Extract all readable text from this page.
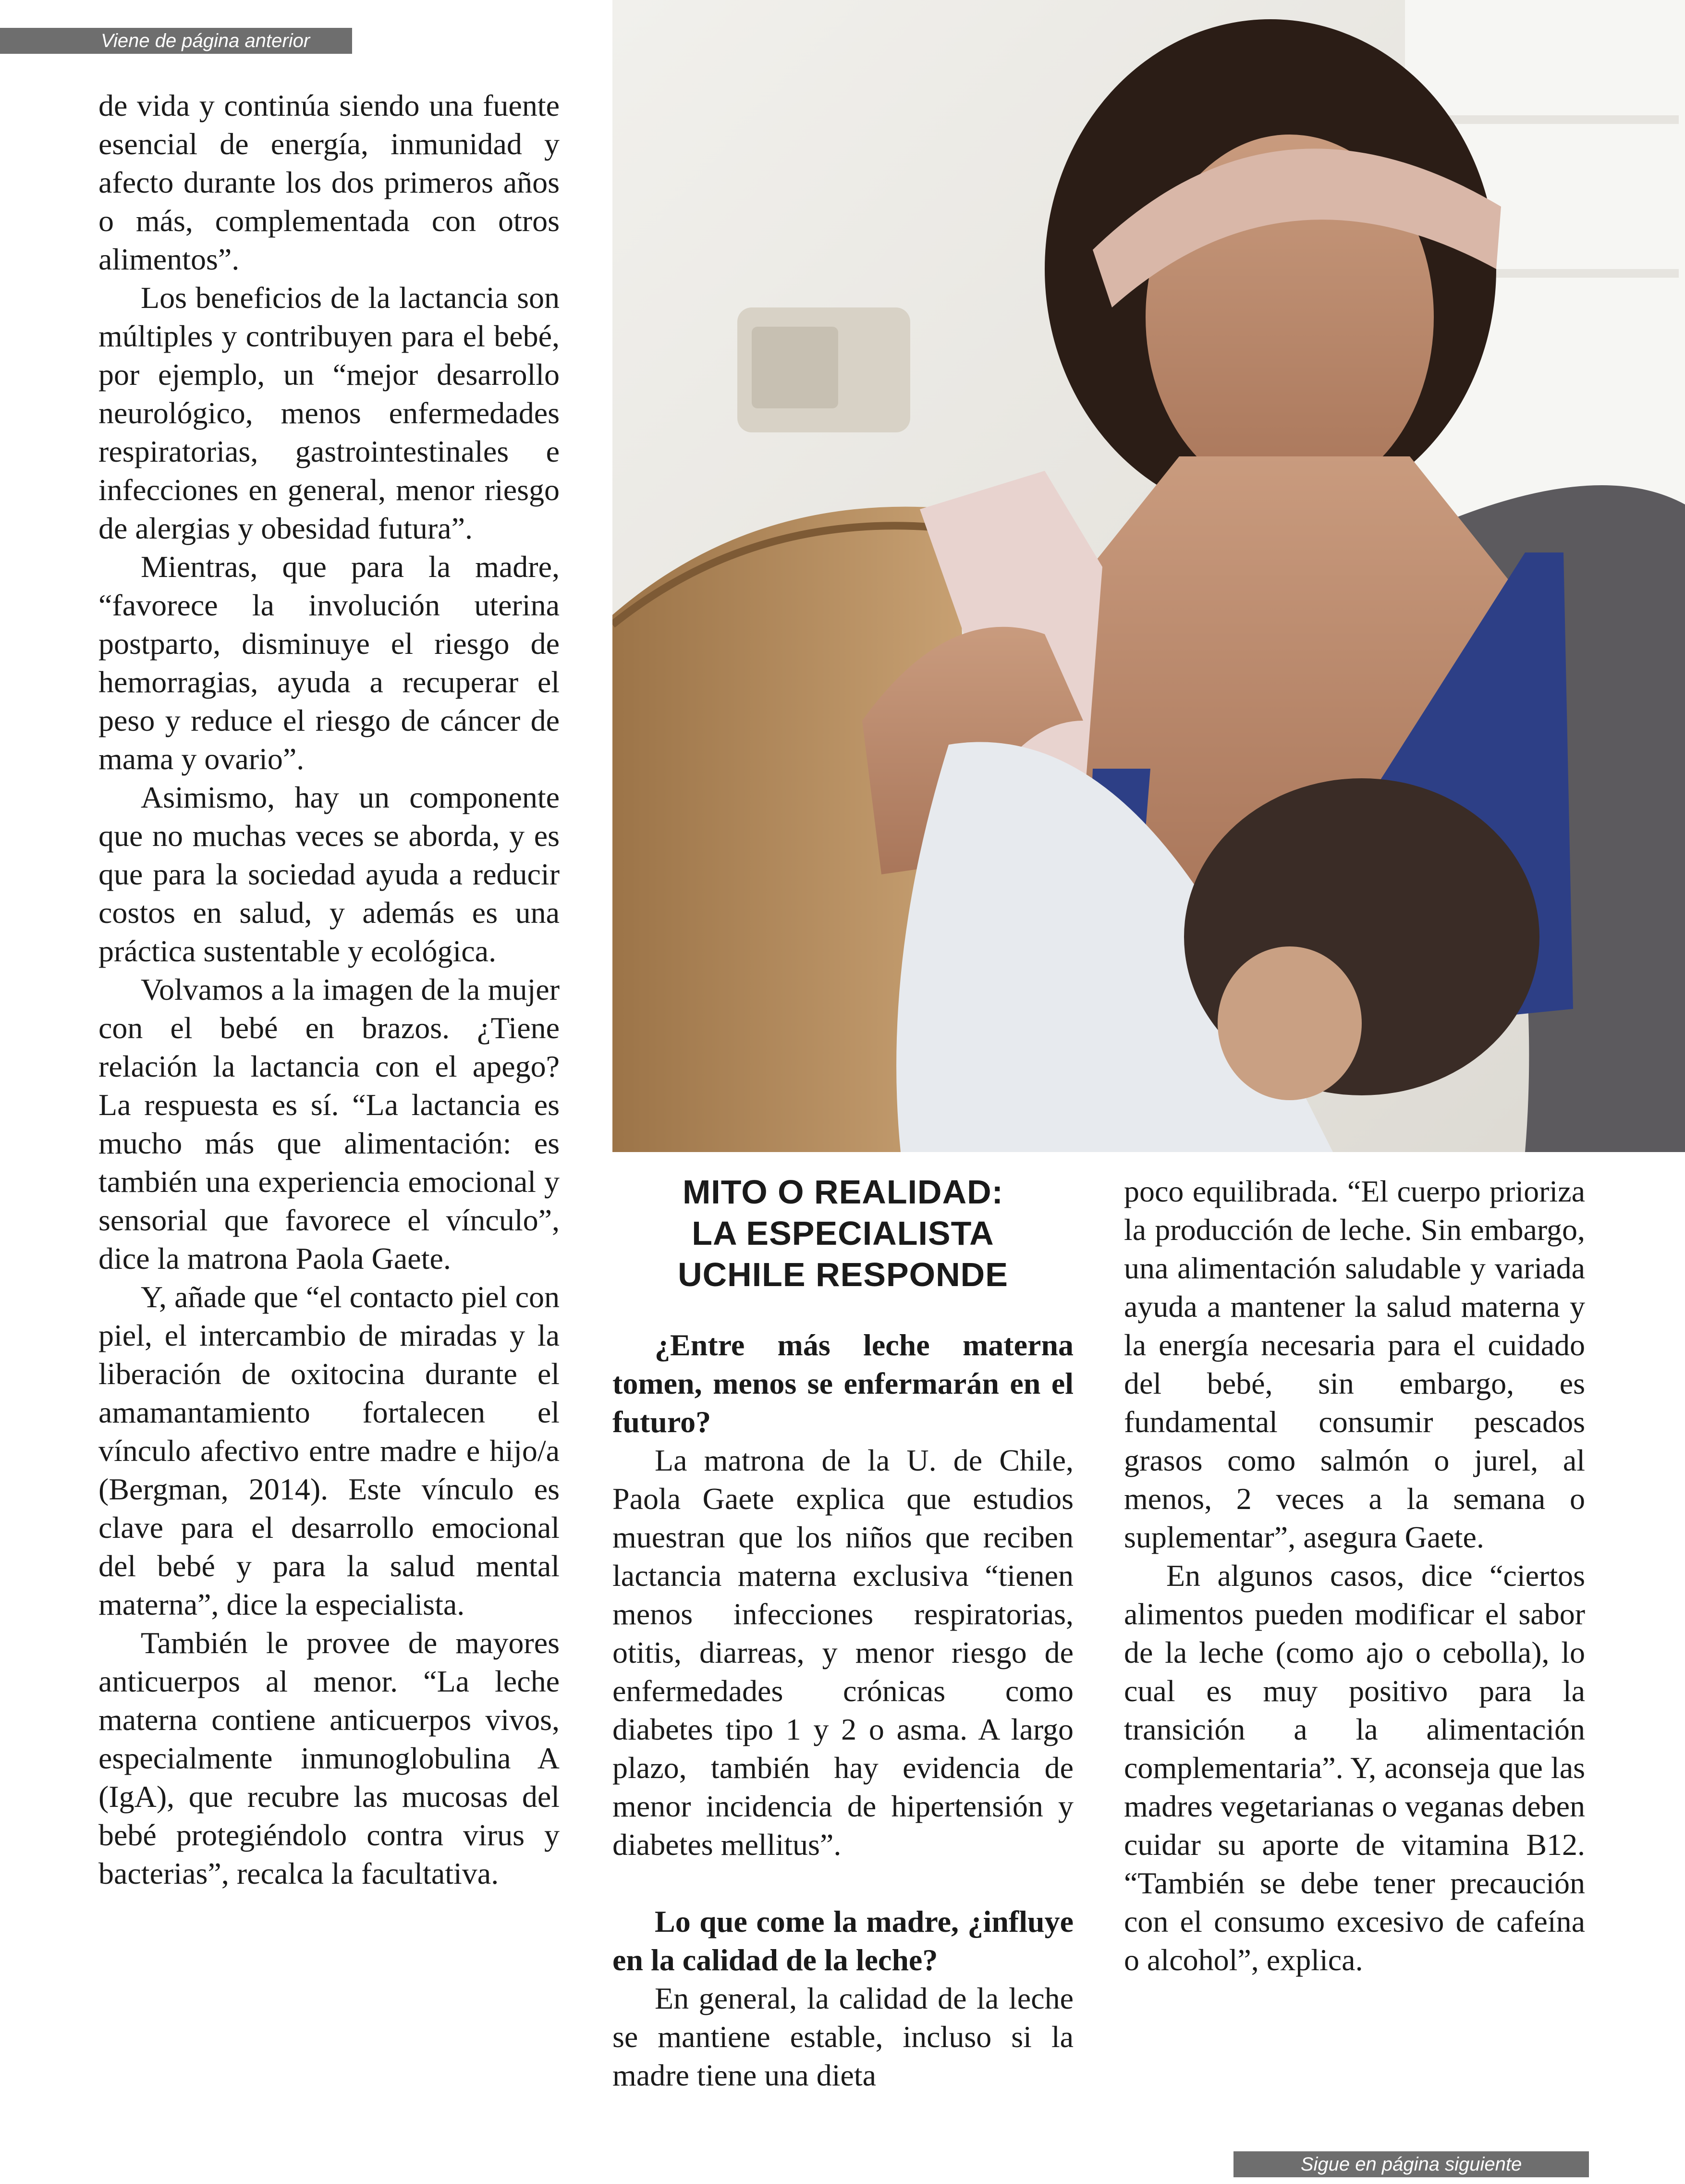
Viene de página anterior
Sigue en página siguiente

de vida y continúa siendo una fuente esencial de energía, inmunidad y afecto durante los dos primeros años o más, complementada con otros alimentos”.

Los beneficios de la lactancia son múltiples y contribuyen para el bebé, por ejemplo, un “mejor desarrollo neurológico, menos enfermedades respiratorias, gastrointestinales e infecciones en general, menor riesgo de alergias y obesidad futura”.

Mientras, que para la madre, “favorece la involución uterina postparto, disminuye el riesgo de hemorragias, ayuda a recuperar el peso y reduce el riesgo de cáncer de mama y ovario”.

Asimismo, hay un componente que no muchas veces se aborda, y es que para la sociedad ayuda a reducir costos en salud, y además es una práctica sustentable y ecológica.

Volvamos a la imagen de la mujer con el bebé en brazos. ¿Tiene relación la lactancia con el apego? La respuesta es sí. “La lactancia es mucho más que alimentación: es también una experiencia emocional y sensorial que favorece el vínculo”, dice la matrona Paola Gaete.

Y, añade que “el contacto piel con piel, el intercambio de miradas y la liberación de oxitocina durante el amamantamiento fortalecen el vínculo afectivo entre madre e hijo/a (Bergman, 2014). Este vínculo es clave para el desarrollo emocional del bebé y para la salud mental materna”, dice la especialista.

También le provee de mayores anticuerpos al menor. “La leche materna contiene anticuerpos vivos, especialmente inmunoglobulina A (IgA), que recubre las mucosas del bebé protegiéndolo contra virus y bacterias”, recalca la facultativa.

MITO O REALIDAD:
LA ESPECIALISTA
UCHILE RESPONDE

¿Entre más leche materna tomen, menos se enfermarán en el futuro?

La matrona de la U. de Chile, Paola Gaete explica que estudios muestran que los niños que reciben lactancia materna exclusiva “tienen menos infecciones respiratorias, otitis, diarreas, y menor riesgo de enfermedades crónicas como diabetes tipo 1 y 2 o asma. A largo plazo, también hay evidencia de menor incidencia de hipertensión y diabetes mellitus”.

Lo que come la madre, ¿influye en la calidad de la leche?

En general, la calidad de la leche se mantiene estable, incluso si la madre tiene una dieta

poco equilibrada. “El cuerpo prioriza la producción de leche. Sin embargo, una alimentación saludable y variada ayuda a mantener la salud materna y la energía necesaria para el cuidado del bebé, sin embargo, es fundamental consumir pescados grasos como salmón o jurel, al menos, 2 veces a la semana o suplementar”, asegura Gaete.

En algunos casos, dice “ciertos alimentos pueden modificar el sabor de la leche (como ajo o cebolla), lo cual es muy positivo para la transición a la alimentación complementaria”. Y, aconseja que las madres vegetarianas o veganas deben cuidar su aporte de vitamina B12. “También se debe tener precaución con el consumo excesivo de cafeína o alcohol”, explica.
